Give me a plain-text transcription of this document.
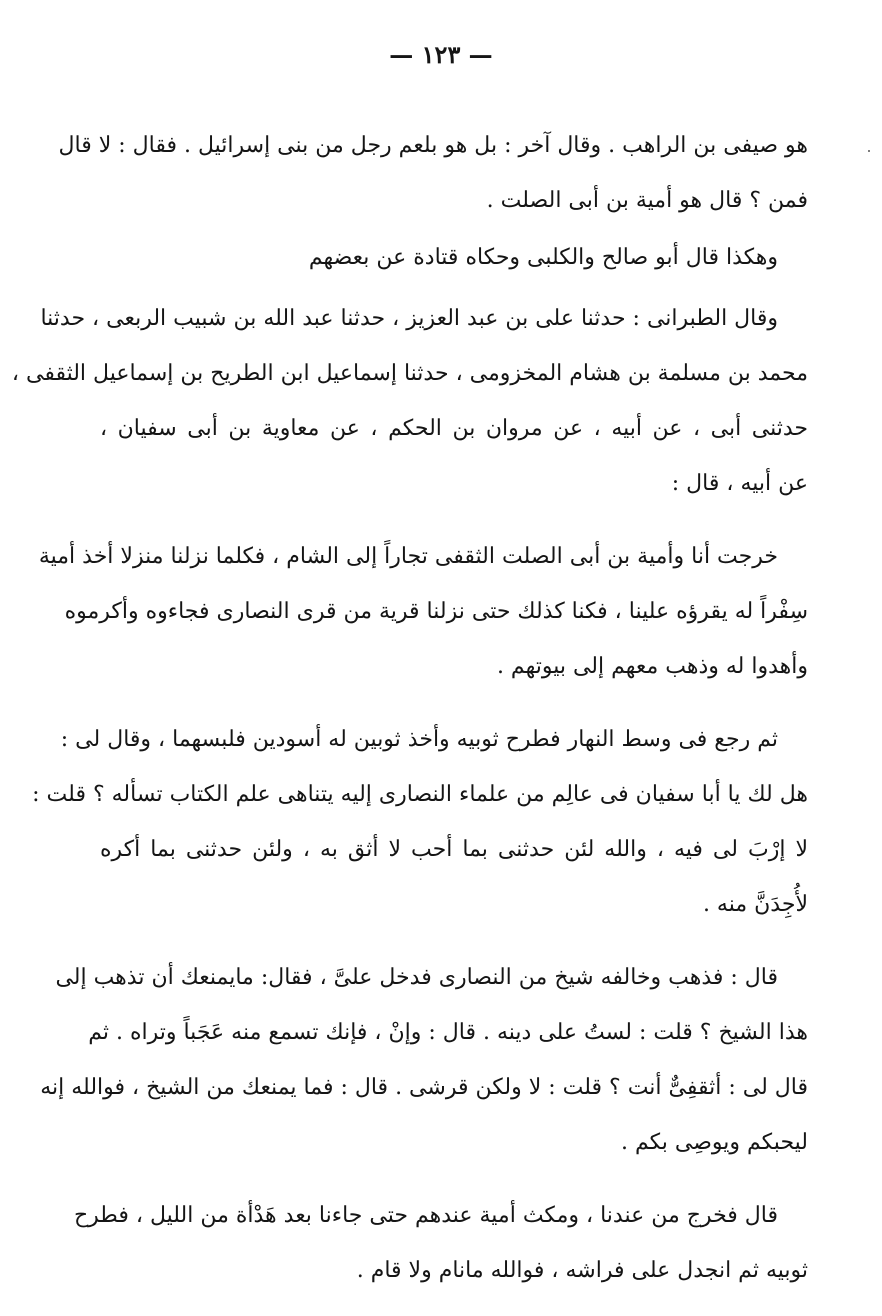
— ١٢٣ —
هو صيفى بن الراهب . وقال آخر : بل هو بلعم رجل من بنى إسرائيل . فقال : لا قال
فمن ؟ قال هو أمية بن أبى الصلت .
وهكذا قال أبو صالح والكلبى وحكاه قتادة عن بعضهم
وقال الطبرانى : حدثنا على بن عبد العزيز ، حدثنا عبد الله بن شبيب الربعى ، حدثنا
محمد بن مسلمة بن هشام المخزومى ، حدثنا إسماعيل ابن الطريح بن إسماعيل الثقفى ،
حدثنى أبى ، عن أبيه ، عن مروان بن الحكم ، عن معاوية بن أبى سفيان ،
عن أبيه ، قال :
خرجت أنا وأمية بن أبى الصلت الثقفى تجاراً إلى الشام ، فكلما نزلنا منزلا أخذ أمية
سِفْراً له يقرؤه علينا ، فكنا كذلك حتى نزلنا قرية من قرى النصارى فجاءوه وأكرموه
وأهدوا له وذهب معهم إلى بيوتهم .
ثم رجع فى وسط النهار فطرح ثوبيه وأخذ ثوبين له أسودين فلبسهما ، وقال لى :
هل لك يا أبا سفيان فى عالِم من علماء النصارى إليه يتناهى علم الكتاب تسأله ؟ قلت :
لا إرْبَ لى فيه ، والله لئن حدثنى بما أحب لا أثق به ، ولئن حدثنى بما أكره
لأُجِدَنَّ منه .
قال : فذهب وخالفه شيخ من النصارى فدخل علىَّ ، فقال: مايمنعك أن تذهب إلى
هذا الشيخ ؟ قلت : لستُ على دينه . قال : وإنْ ، فإنك تسمع منه عَجَباً وتراه . ثم
قال لى : أثقفِىٌّ أنت ؟ قلت : لا ولكن قرشى . قال : فما يمنعك من الشيخ ، فوالله إنه
ليحبكم ويوصِى بكم .
قال فخرج من عندنا ، ومكث أمية عندهم حتى جاءنا بعد هَدْأة من الليل ، فطرح
ثوبيه ثم انجدل على فراشه ، فوالله مانام ولا قام .
